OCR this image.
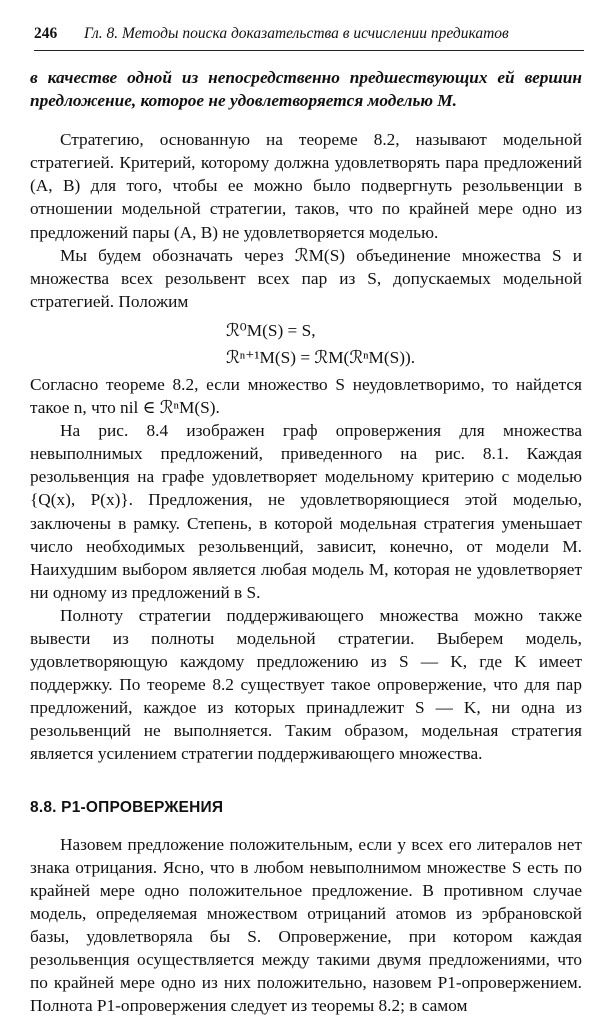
246 Гл. 8. Методы поиска доказательства в исчислении предикатов

в качестве одной из непосредственно предшествующих ей вершин предложение, которое не удовлетворяется моделью M.

Стратегию, основанную на теореме 8.2, называют модельной стратегией. Критерий, которому должна удовлетворять пара предложений (A, B) для того, чтобы ее можно было подвергнуть резольвенции в отношении модельной стратегии, таков, что по крайней мере одно из предложений пары (A, B) не удовлетворяется моделью.

Мы будем обозначать через ℛM(S) объединение множества S и множества всех резольвент всех пар из S, допускаемых модельной стратегией. Положим

ℛ⁰M(S) = S,
ℛⁿ⁺¹M(S) = ℛM(ℛⁿM(S)).

Согласно теореме 8.2, если множество S неудовлетворимо, то найдется такое n, что nil ∈ ℛⁿM(S).

На рис. 8.4 изображен граф опровержения для множества невыполнимых предложений, приведенного на рис. 8.1. Каждая резольвенция на графе удовлетворяет модельному критерию с моделью {Q(x), P(x)}. Предложения, не удовлетворяющиеся этой моделью, заключены в рамку. Степень, в которой модельная стратегия уменьшает число необходимых резольвенций, зависит, конечно, от модели M. Наихудшим выбором является любая модель M, которая не удовлетворяет ни одному из предложений в S.

Полноту стратегии поддерживающего множества можно также вывести из полноты модельной стратегии. Выберем модель, удовлетворяющую каждому предложению из S — K, где K имеет поддержку. По теореме 8.2 существует такое опровержение, что для пар предложений, каждое из которых принадлежит S — K, ни одна из резольвенций не выполняется. Таким образом, модельная стратегия является усилением стратегии поддерживающего множества.

8.8. P1-ОПРОВЕРЖЕНИЯ

Назовем предложение положительным, если у всех его литералов нет знака отрицания. Ясно, что в любом невыполнимом множестве S есть по крайней мере одно положительное предложение. В противном случае модель, определяемая множеством отрицаний атомов из эрбрановской базы, удовлетворяла бы S. Опровержение, при котором каждая резольвенция осуществляется между такими двумя предложениями, что по крайней мере одно из них положительно, назовем P1-опровержением. Полнота P1-опровержения следует из теоремы 8.2; в самом
